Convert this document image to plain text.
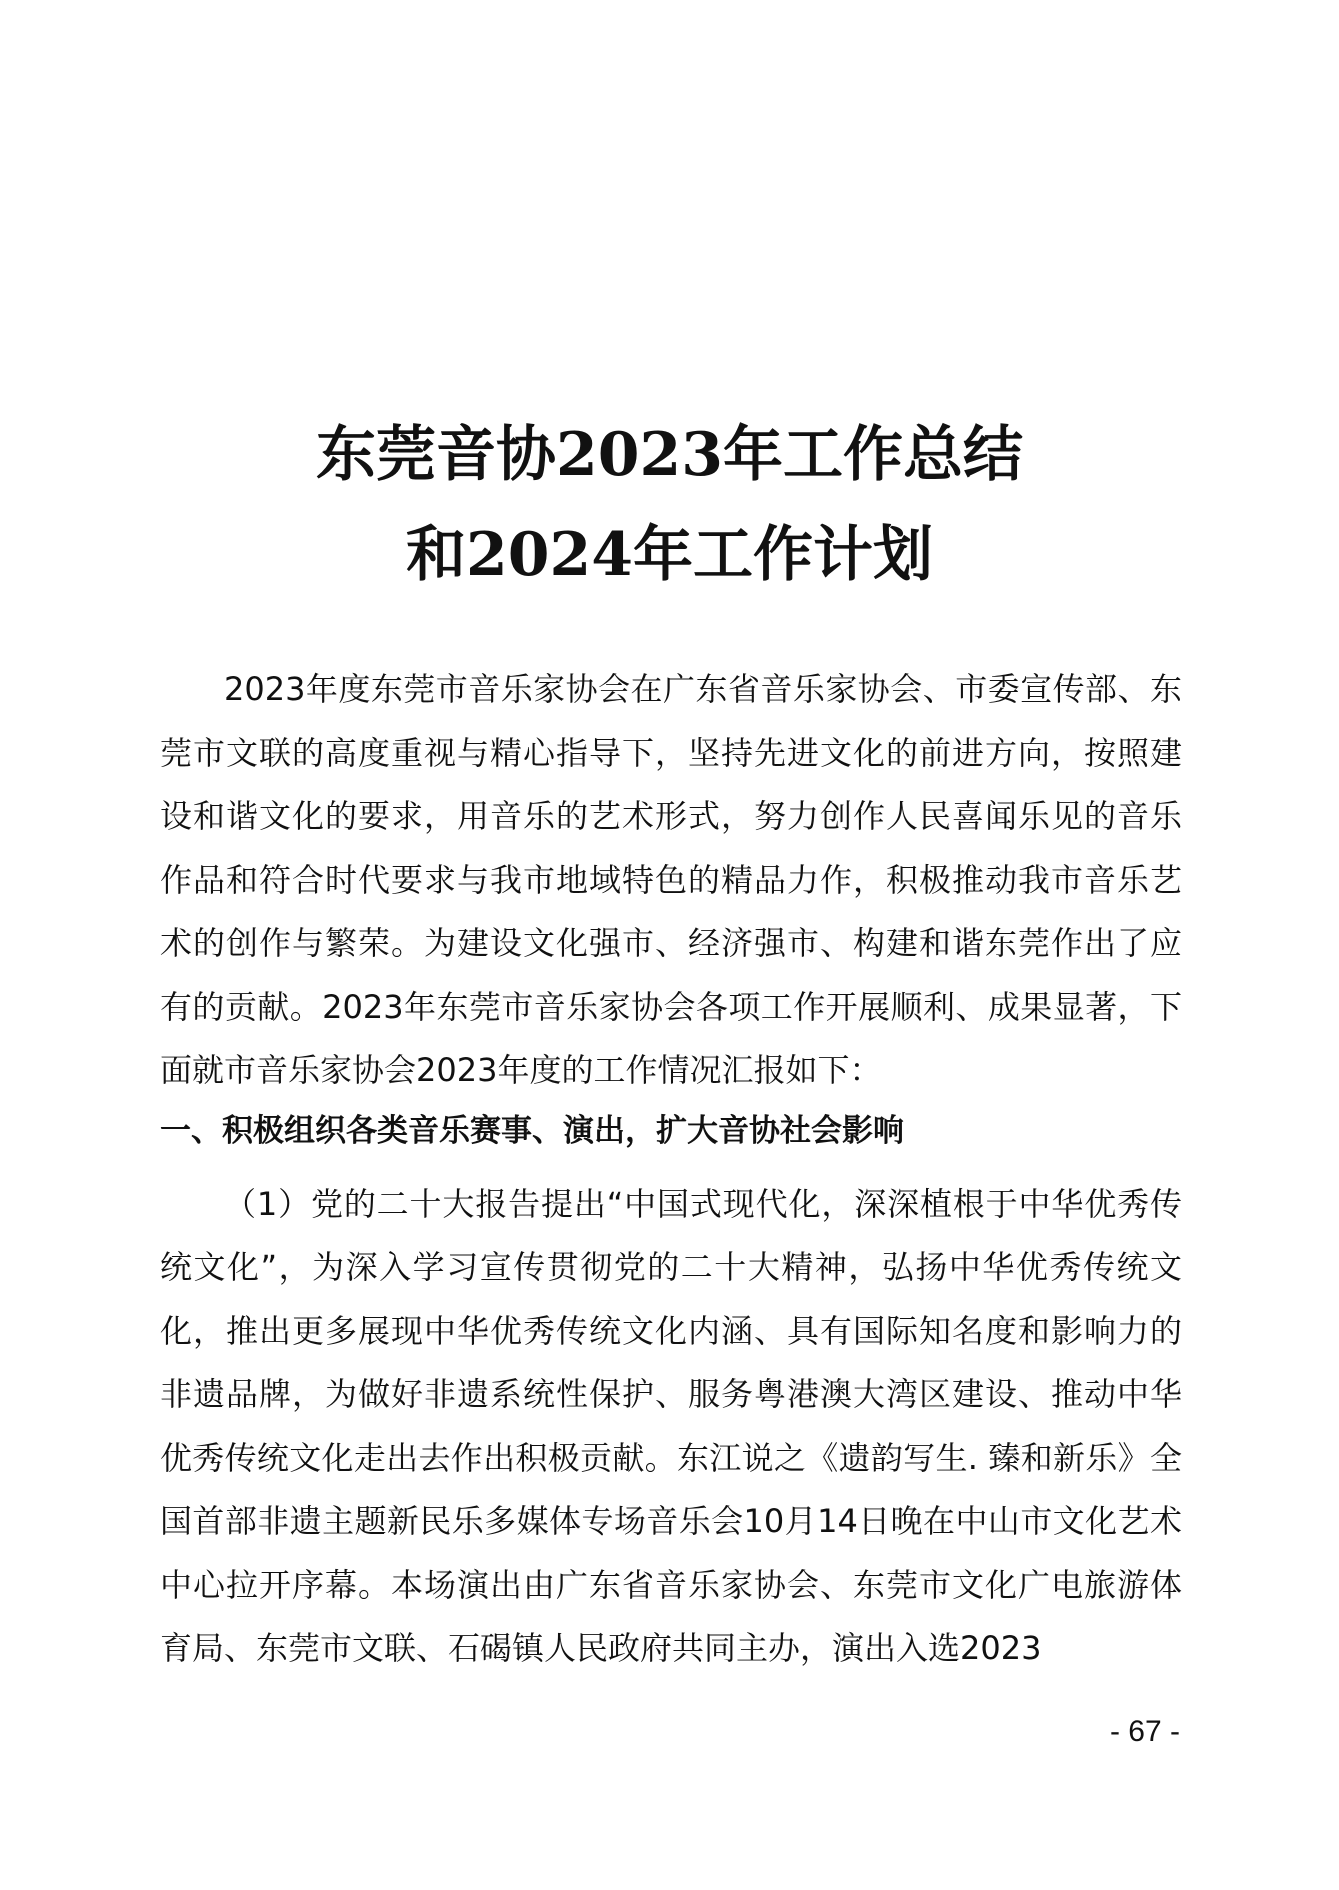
东莞音协2023年工作总结
和2024年工作计划

2023年度东莞市音乐家协会在广东省音乐家协会、市委宣传部、东莞市文联的高度重视与精心指导下，坚持先进文化的前进方向，按照建设和谐文化的要求，用音乐的艺术形式，努力创作人民喜闻乐见的音乐作品和符合时代要求与我市地域特色的精品力作，积极推动我市音乐艺术的创作与繁荣。为建设文化强市、经济强市、构建和谐东莞作出了应有的贡献。2023年东莞市音乐家协会各项工作开展顺利、成果显著，下面就市音乐家协会2023年度的工作情况汇报如下：

一、积极组织各类音乐赛事、演出，扩大音协社会影响

（1）党的二十大报告提出“中国式现代化，深深植根于中华优秀传统文化”，为深入学习宣传贯彻党的二十大精神，弘扬中华优秀传统文化，推出更多展现中华优秀传统文化内涵、具有国际知名度和影响力的非遗品牌，为做好非遗系统性保护、服务粤港澳大湾区建设、推动中华优秀传统文化走出去作出积极贡献。东江说之《遗韵写生. 臻和新乐》全国首部非遗主题新民乐多媒体专场音乐会10月14日晚在中山市文化艺术中心拉开序幕。本场演出由广东省音乐家协会、东莞市文化广电旅游体育局、东莞市文联、石碣镇人民政府共同主办，演出入选2023

- 67 -
